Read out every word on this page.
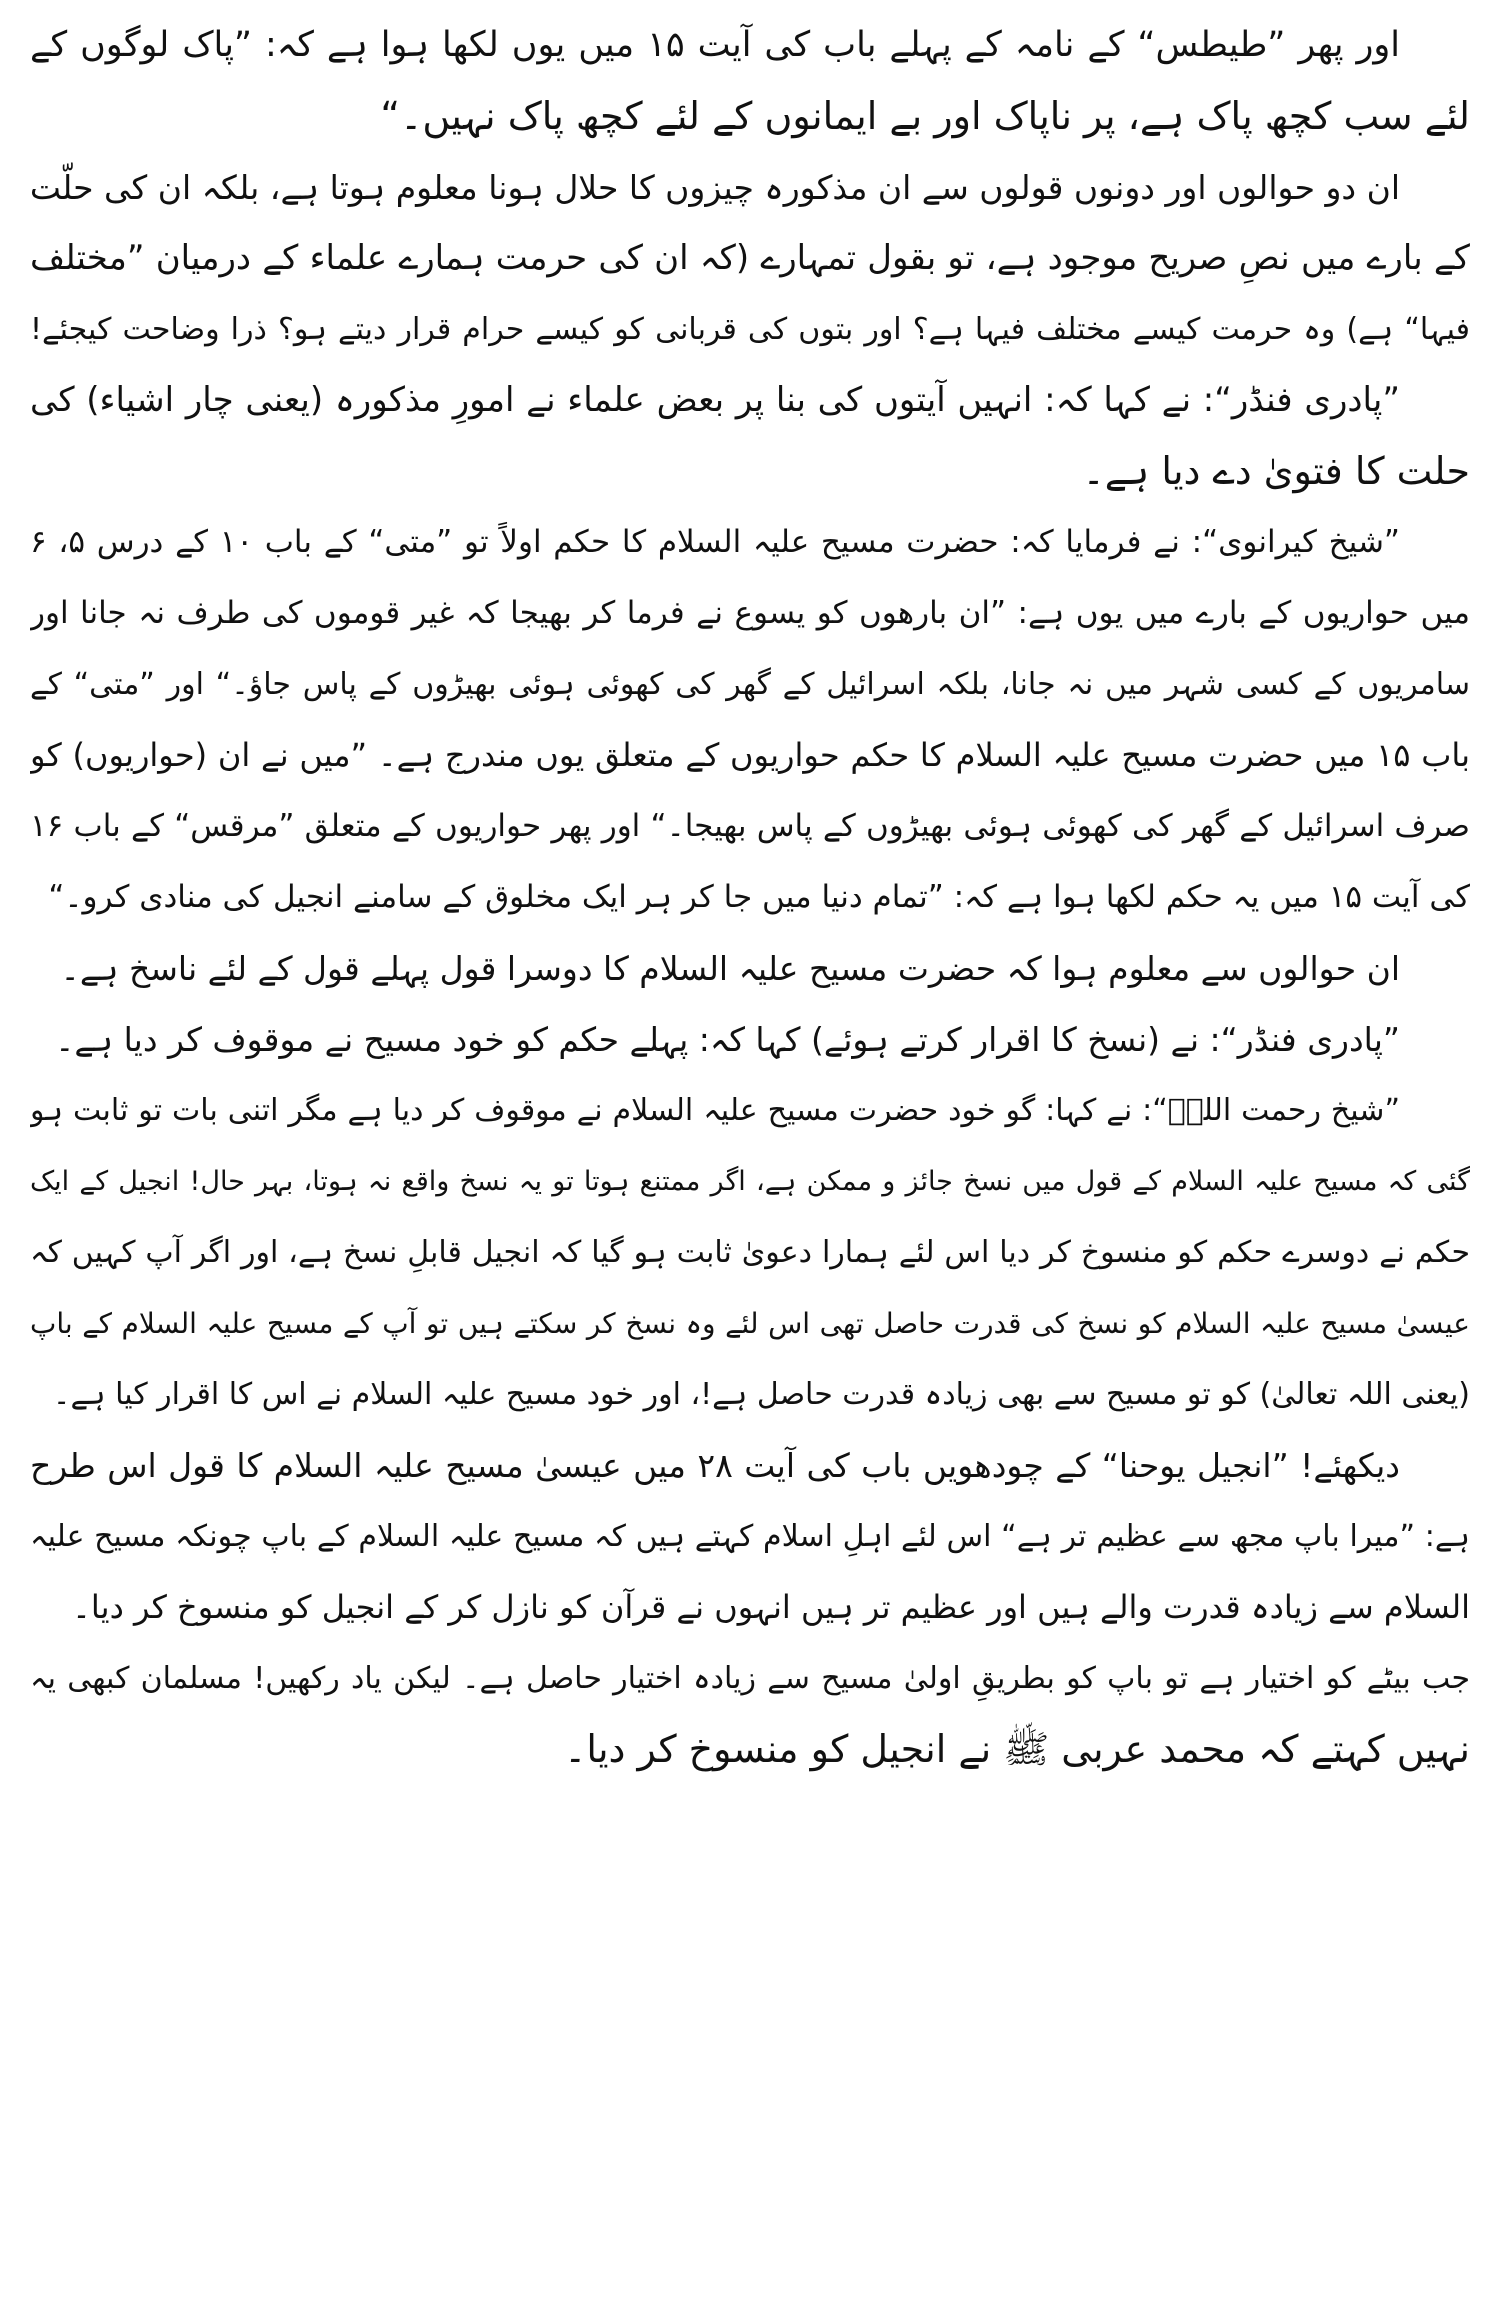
اور پھر ”طیطس“ کے نامہ کے پہلے باب کی آیت ۱۵ میں یوں لکھا ہوا ہے کہ: ”پاک لوگوں کے
لئے سب کچھ پاک ہے، پر ناپاک اور بے ایمانوں کے لئے کچھ پاک نہیں۔“
ان دو حوالوں اور دونوں قولوں سے ان مذکورہ چیزوں کا حلال ہونا معلوم ہوتا ہے، بلکہ ان کی حلّت
کے بارے میں نصِ صریح موجود ہے، تو بقول تمہارے (کہ ان کی حرمت ہمارے علماء کے درمیان ”مختلف
فیہا“ ہے) وہ حرمت کیسے مختلف فیہا ہے؟ اور بتوں کی قربانی کو کیسے حرام قرار دیتے ہو؟ ذرا وضاحت کیجئے!
”پادری فنڈر“: نے کہا کہ: انہیں آیتوں کی بنا پر بعض علماء نے امورِ مذکورہ (یعنی چار اشیاء) کی
حلت کا فتویٰ دے دیا ہے۔
”شیخ کیرانوی“: نے فرمایا کہ: حضرت مسیح علیہ السلام کا حکم اولاً تو ”متی“ کے باب ۱۰ کے درس ۵، ۶
میں حواریوں کے بارے میں یوں ہے: ”ان بارھوں کو یسوع نے فرما کر بھیجا کہ غیر قوموں کی طرف نہ جانا اور
سامریوں کے کسی شہر میں نہ جانا، بلکہ اسرائیل کے گھر کی کھوئی ہوئی بھیڑوں کے پاس جاؤ۔“ اور ”متی“ کے
باب ۱۵ میں حضرت مسیح علیہ السلام کا حکم حواریوں کے متعلق یوں مندرج ہے۔ ”میں نے ان (حواریوں) کو
صرف اسرائیل کے گھر کی کھوئی ہوئی بھیڑوں کے پاس بھیجا۔“ اور پھر حواریوں کے متعلق ”مرقس“ کے باب ۱۶
کی آیت ۱۵ میں یہ حکم لکھا ہوا ہے کہ: ”تمام دنیا میں جا کر ہر ایک مخلوق کے سامنے انجیل کی منادی کرو۔“
ان حوالوں سے معلوم ہوا کہ حضرت مسیح علیہ السلام کا دوسرا قول پہلے قول کے لئے ناسخ ہے۔
”پادری فنڈر“: نے (نسخ کا اقرار کرتے ہوئے) کہا کہ: پہلے حکم کو خود مسیح نے موقوف کر دیا ہے۔
”شیخ رحمت اللہؒ“: نے کہا: گو خود حضرت مسیح علیہ السلام نے موقوف کر دیا ہے مگر اتنی بات تو ثابت ہو
گئی کہ مسیح علیہ السلام کے قول میں نسخ جائز و ممکن ہے، اگر ممتنع ہوتا تو یہ نسخ واقع نہ ہوتا، بہر حال! انجیل کے ایک
حکم نے دوسرے حکم کو منسوخ کر دیا اس لئے ہمارا دعویٰ ثابت ہو گیا کہ انجیل قابلِ نسخ ہے، اور اگر آپ کہیں کہ
عیسیٰ مسیح علیہ السلام کو نسخ کی قدرت حاصل تھی اس لئے وہ نسخ کر سکتے ہیں تو آپ کے مسیح علیہ السلام کے باپ
(یعنی اللہ تعالیٰ) کو تو مسیح سے بھی زیادہ قدرت حاصل ہے!، اور خود مسیح علیہ السلام نے اس کا اقرار کیا ہے۔
دیکھئے! ”انجیل یوحنا“ کے چودھویں باب کی آیت ۲۸ میں عیسیٰ مسیح علیہ السلام کا قول اس طرح
ہے: ”میرا باپ مجھ سے عظیم تر ہے“ اس لئے اہلِ اسلام کہتے ہیں کہ مسیح علیہ السلام کے باپ چونکہ مسیح علیہ
السلام سے زیادہ قدرت والے ہیں اور عظیم تر ہیں انہوں نے قرآن کو نازل کر کے انجیل کو منسوخ کر دیا۔
جب بیٹے کو اختیار ہے تو باپ کو بطریقِ اولیٰ مسیح سے زیادہ اختیار حاصل ہے۔ لیکن یاد رکھیں! مسلمان کبھی یہ
نہیں کہتے کہ محمد عربی ﷺ نے انجیل کو منسوخ کر دیا۔
